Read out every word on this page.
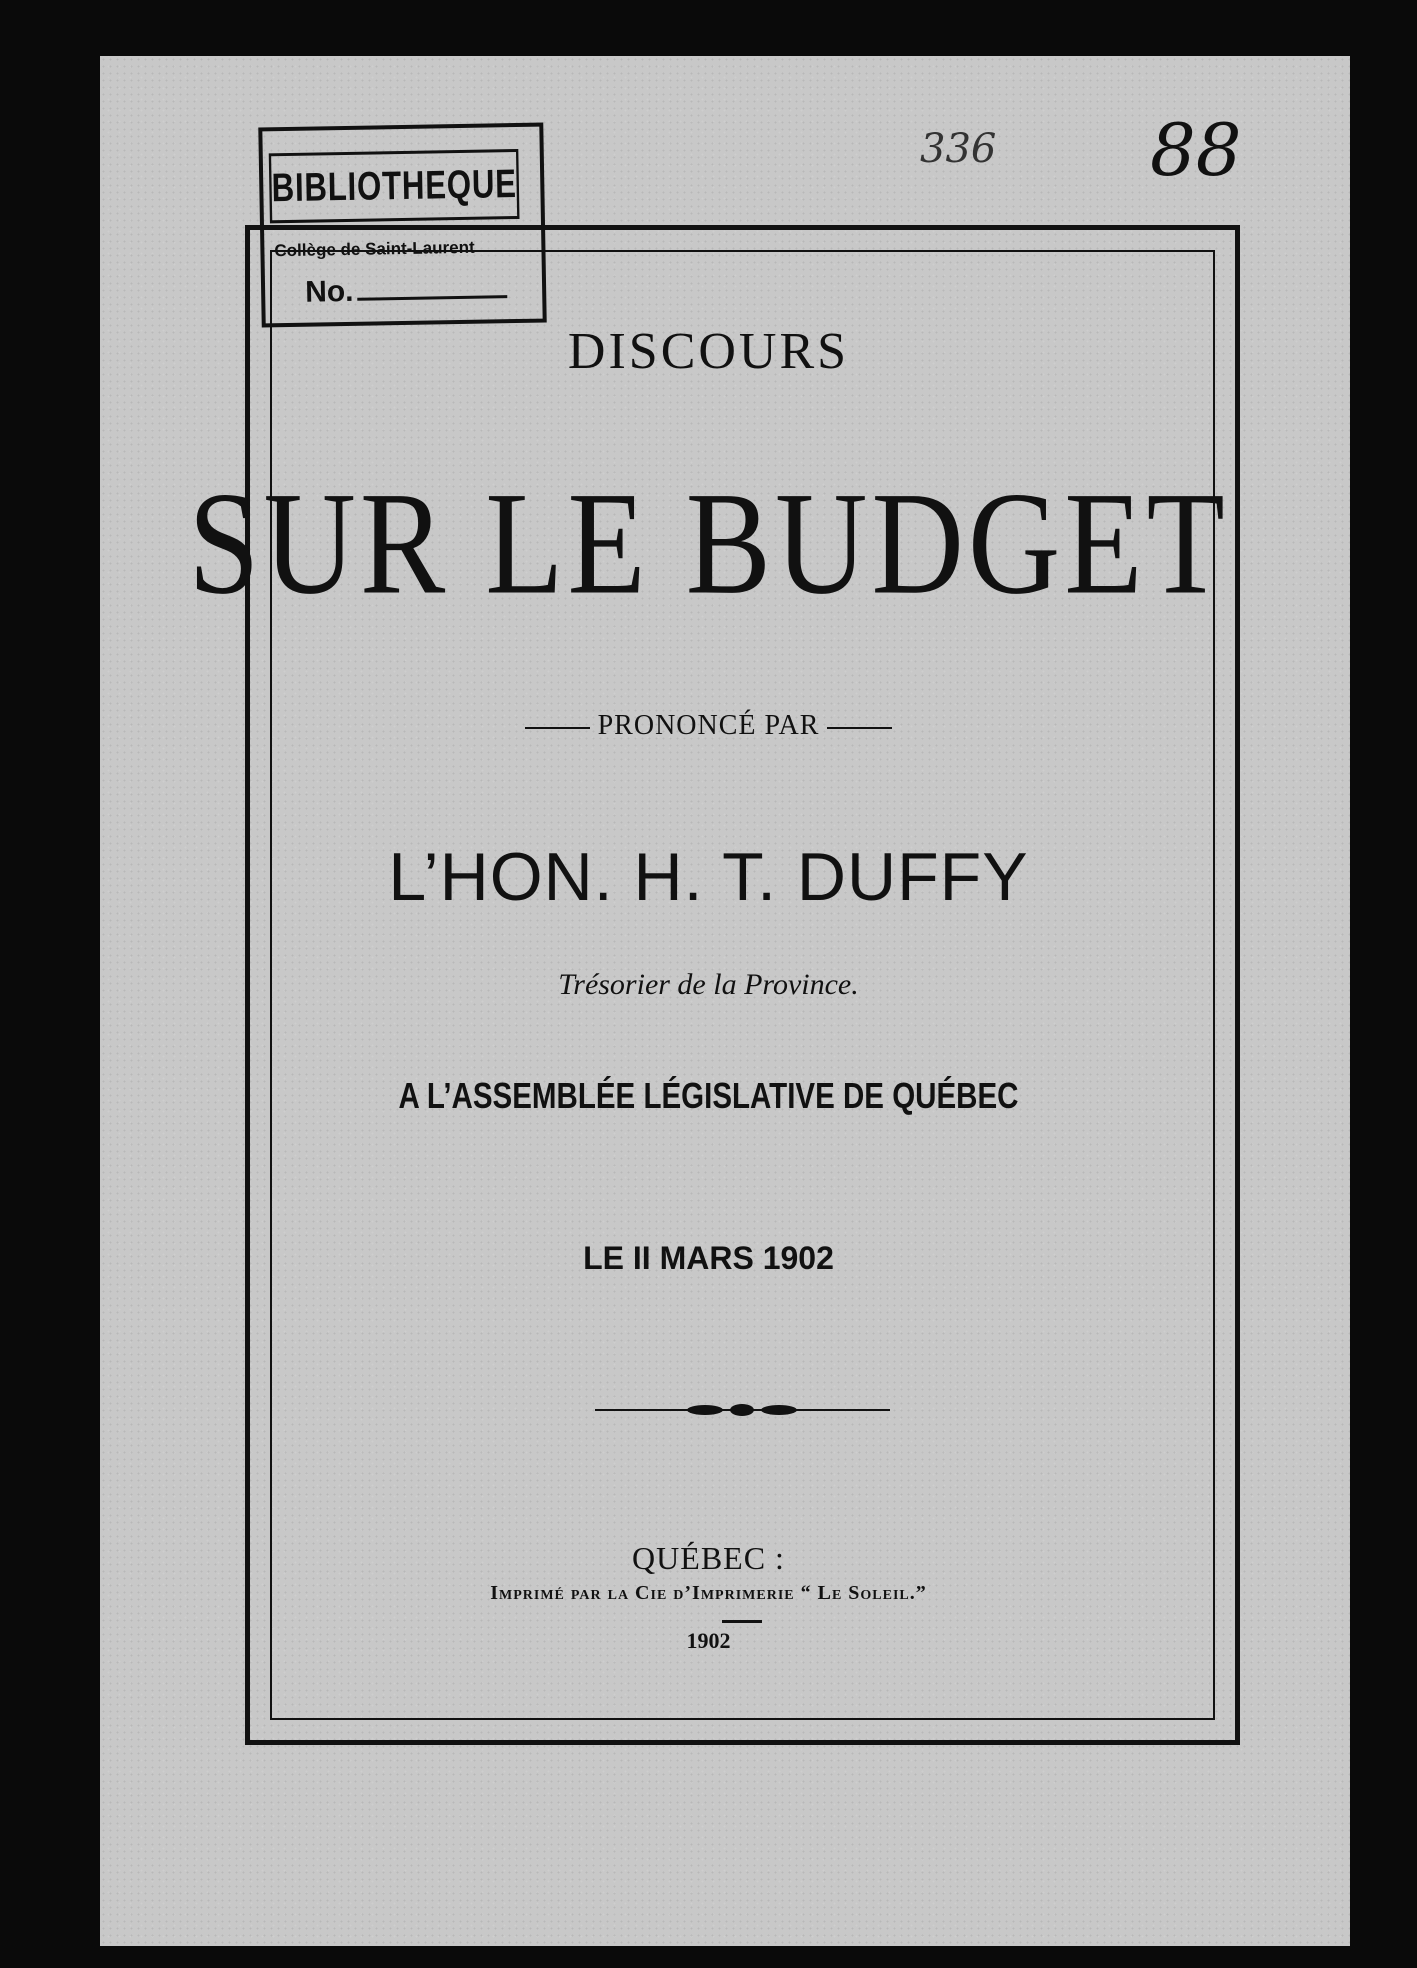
BIBLIOTHEQUE
Collège de Saint-Laurent
No.
336 88
DISCOURS
SUR LE BUDGET
PRONONCÉ PAR
L’HON. H. T. DUFFY
Trésorier de la Province.
A L’ASSEMBLÉE LÉGISLATIVE DE QUÉBEC
LE II MARS 1902
QUÉBEC :
Imprimé par la Cie d’Imprimerie “ Le Soleil.”
1902
